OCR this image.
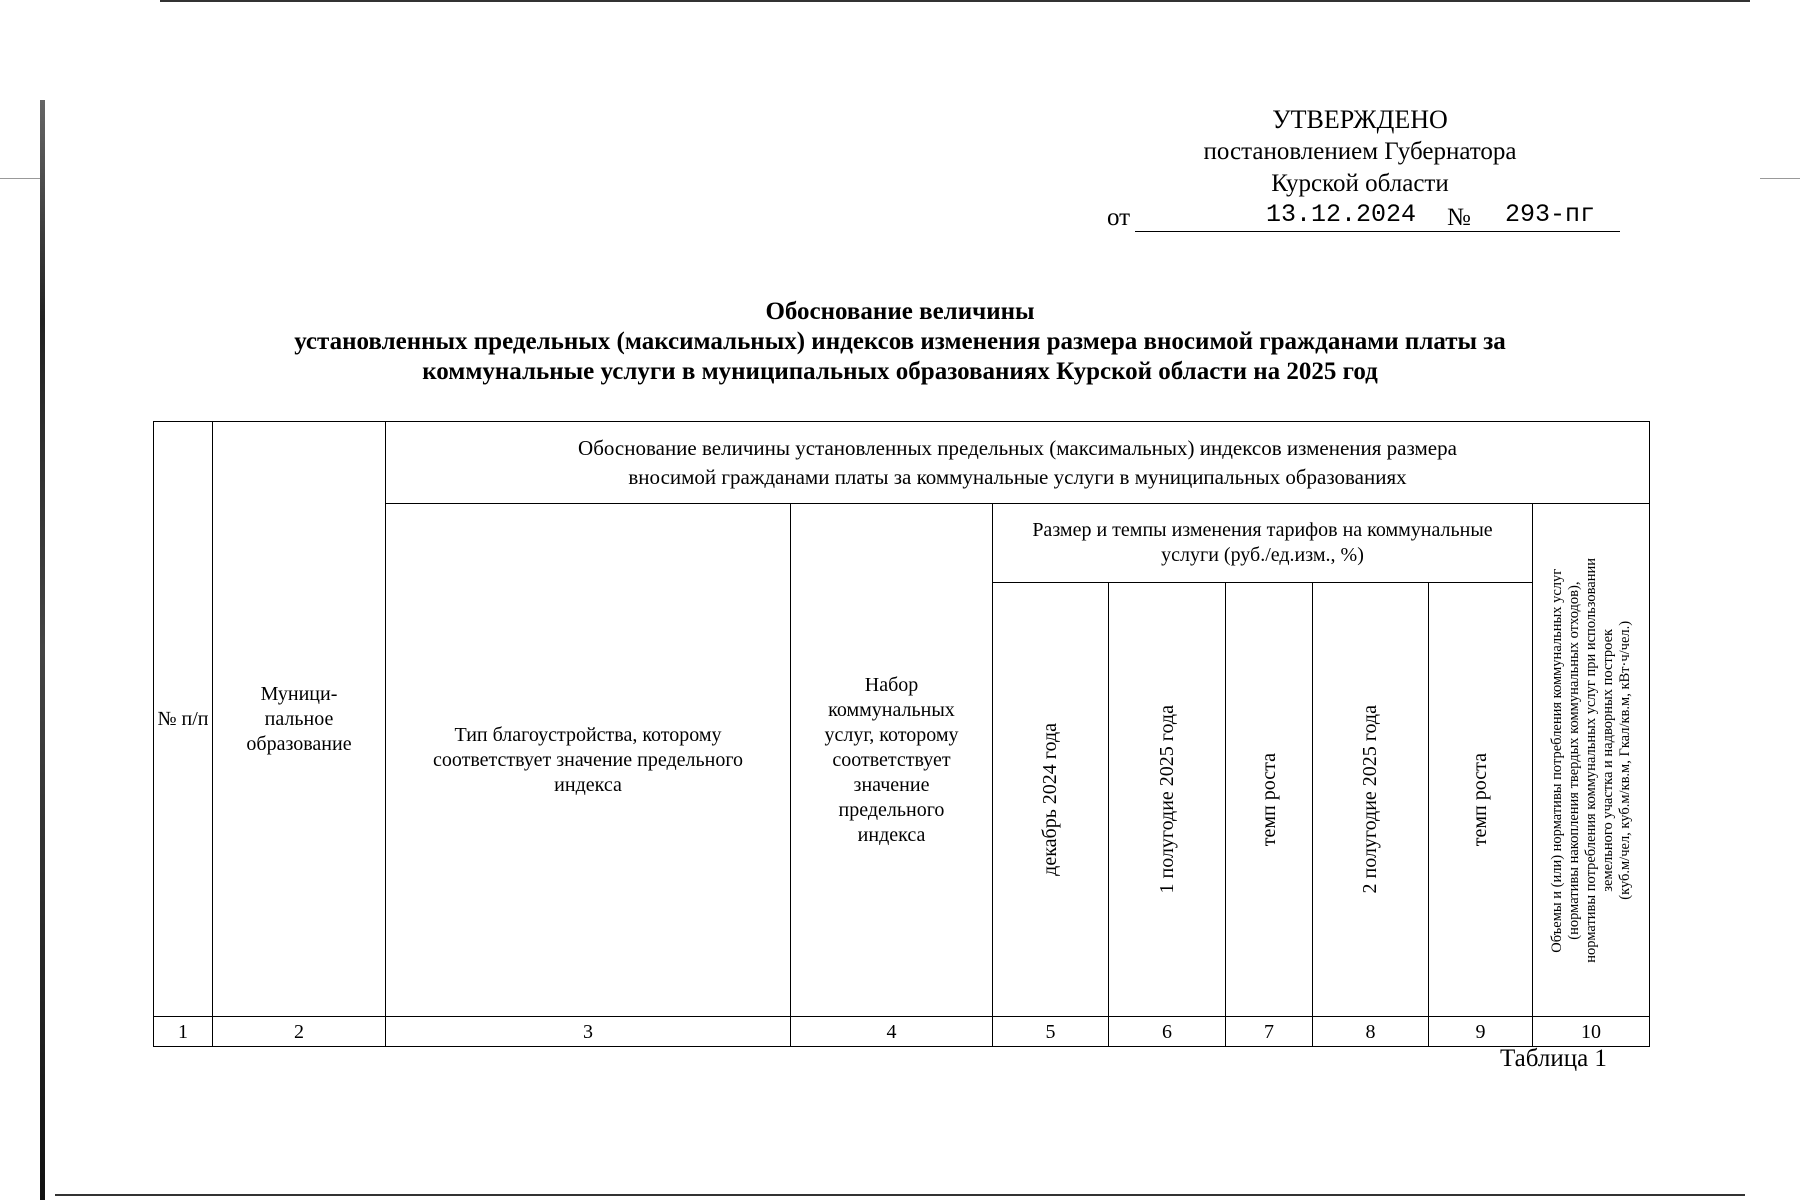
УТВЕРЖДЕНО
постановлением Губернатора
Курской области
от	13.12.2024	№	293-пг
Обоснование величины
установленных предельных (максимальных) индексов изменения размера вносимой гражданами платы за
коммунальные услуги в муниципальных образованиях Курской области на 2025 год
№ п/п	Муници-пальное образование	Обоснование величины установленных предельных (максимальных) индексов изменения размера
вносимой гражданами платы за коммунальные услуги в муниципальных образованиях							

		Тип благоустройства, которому соответствует значение предельного индекса	Набор коммунальных услуг, которому соответствует значение предельного индекса	Размер и темпы изменения тарифов на коммунальные услуги (руб./ед.изм., %)					Объемы и (или) нормативы потребления коммунальных услуг (нормативы накопления твердых коммунальных отходов), нормативы потребления коммунальных услуг при использовании земельного участка и надворных построек (куб.м/чел, куб.м/кв.м, Гкал/кв.м, кВт·ч/чел.)

				декабрь 2024 года	1 полугодие 2025 года	темп роста	2 полугодие 2025 года	темп роста	

1	2	3	4	5	6	7	8	9	10
Таблица 1
